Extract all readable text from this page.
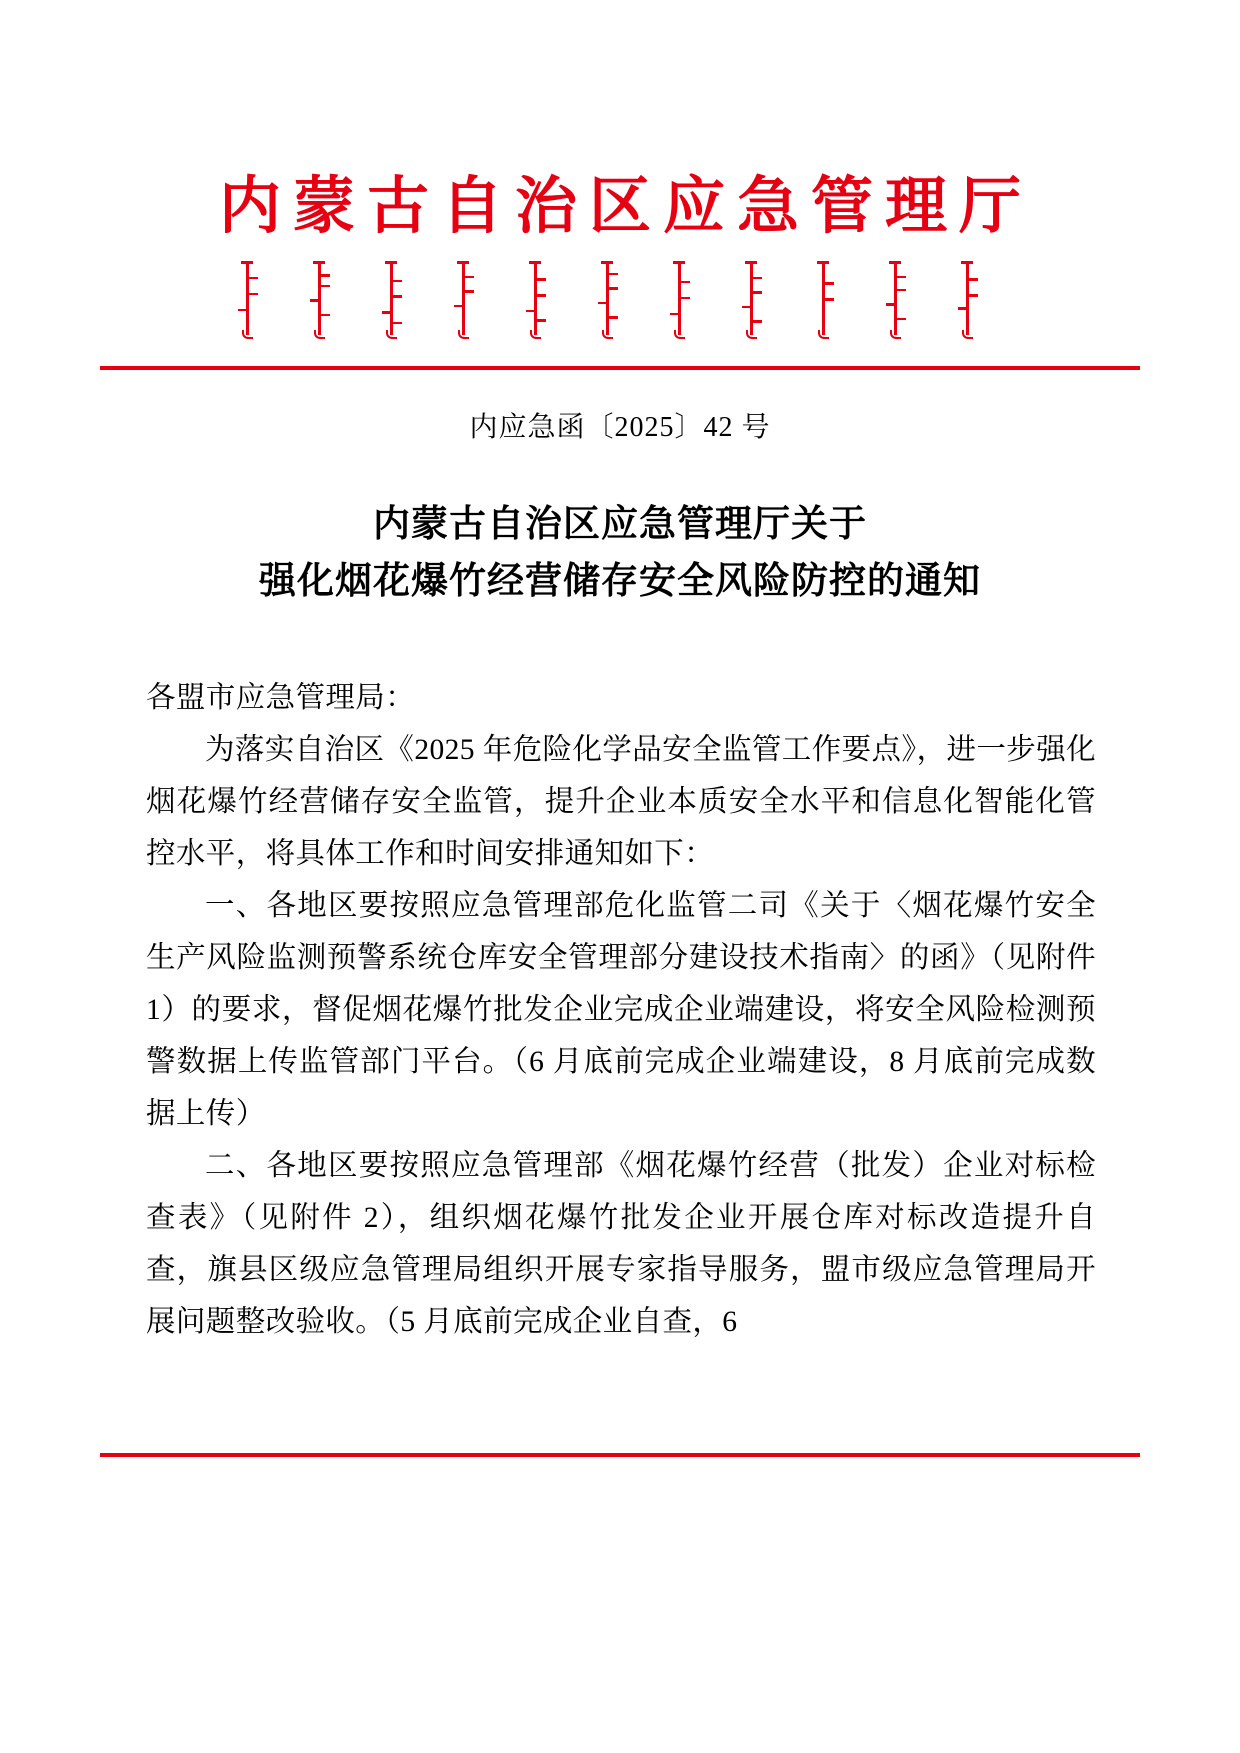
内蒙古自治区应急管理厅
内应急函〔2025〕42 号
内蒙古自治区应急管理厅关于
强化烟花爆竹经营储存安全风险防控的通知

各盟市应急管理局：

为落实自治区《2025 年危险化学品安全监管工作要点》，进一步强化烟花爆竹经营储存安全监管，提升企业本质安全水平和信息化智能化管控水平，将具体工作和时间安排通知如下：

一、各地区要按照应急管理部危化监管二司《关于〈烟花爆竹安全生产风险监测预警系统仓库安全管理部分建设技术指南〉的函》（见附件 1）的要求，督促烟花爆竹批发企业完成企业端建设，将安全风险检测预警数据上传监管部门平台。（6 月底前完成企业端建设，8 月底前完成数据上传）

二、各地区要按照应急管理部《烟花爆竹经营（批发）企业对标检查表》（见附件 2），组织烟花爆竹批发企业开展仓库对标改造提升自查，旗县区级应急管理局组织开展专家指导服务，盟市级应急管理局开展问题整改验收。（5 月底前完成企业自查，6
